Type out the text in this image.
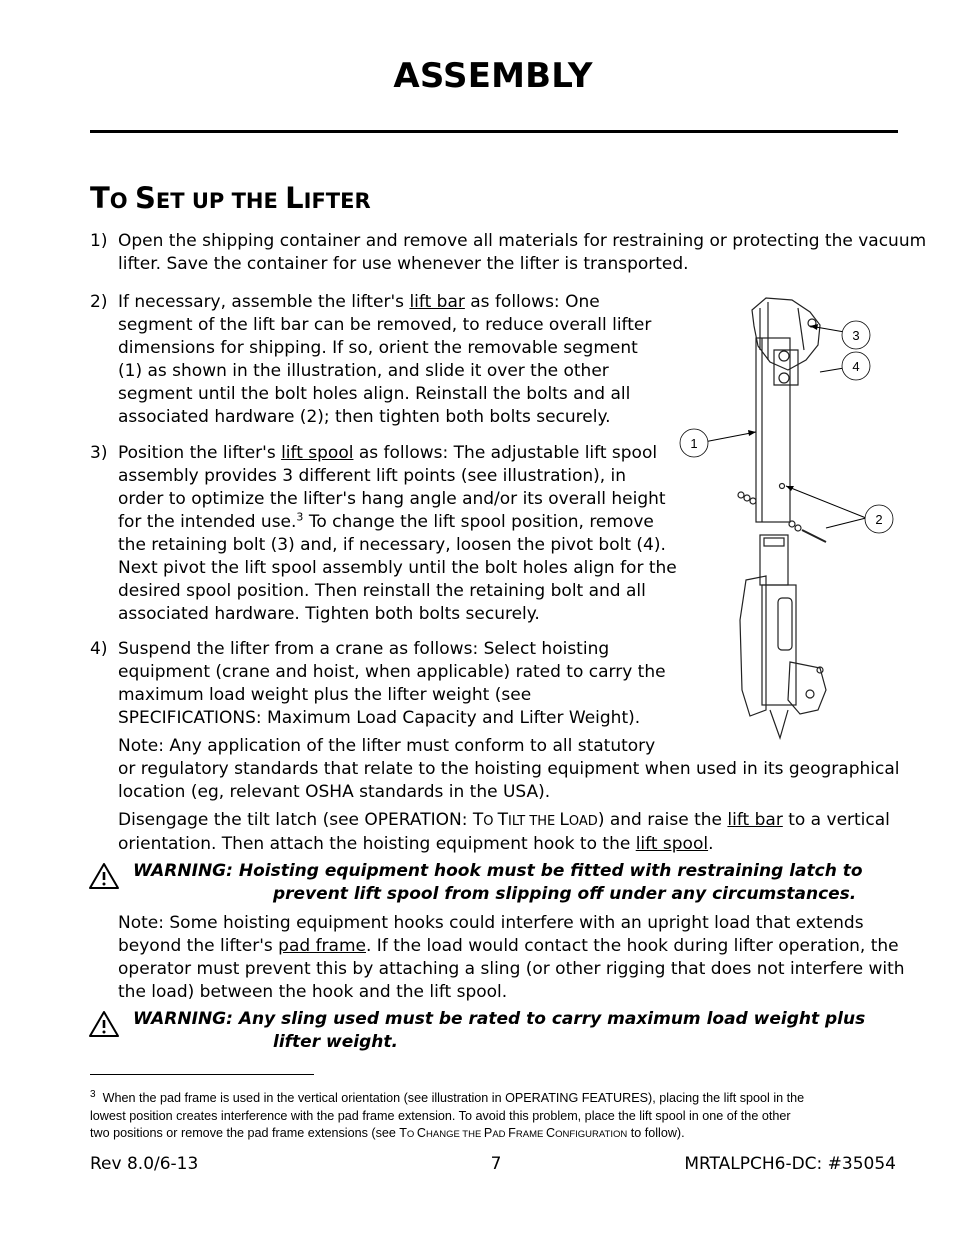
ASSEMBLY
TO SET UP THE LIFTER
1) Open the shipping container and remove all materials for restraining or protecting the vacuum
lifter. Save the container for use whenever the lifter is transported.
2) If necessary, assemble the lifter's lift bar as follows: One
segment of the lift bar can be removed, to reduce overall lifter
dimensions for shipping. If so, orient the removable segment
(1) as shown in the illustration, and slide it over the other
segment until the bolt holes align. Reinstall the bolts and all
associated hardware (2); then tighten both bolts securely.
3) Position the lifter's lift spool as follows: The adjustable lift spool
assembly provides 3 different lift points (see illustration), in
order to optimize the lifter's hang angle and/or its overall height
for the intended use.$^3$ To change the lift spool position, remove
the retaining bolt (3) and, if necessary, loosen the pivot bolt (4).
Next pivot the lift spool assembly until the bolt holes align for the
desired spool position. Then reinstall the retaining bolt and all
associated hardware. Tighten both bolts securely.
4) Suspend the lifter from a crane as follows: Select hoisting
equipment (crane and hoist, when applicable) rated to carry the
maximum load weight plus the lifter weight (see
SPECIFICATIONS: Maximum Load Capacity and Lifter Weight).
Note: Any application of the lifter must conform to all statutory
or regulatory standards that relate to the hoisting equipment when used in its geographical
location (eg, relevant OSHA standards in the USA).
Disengage the tilt latch (see OPERATION: TO TILT THE LOAD) and raise the lift bar to a vertical
orientation. Then attach the hoisting equipment hook to the lift spool.
WARNING: Hoisting equipment hook must be fitted with restraining latch to
prevent lift spool from slipping off under any circumstances.
Note: Some hoisting equipment hooks could interfere with an upright load that extends
beyond the lifter's pad frame. If the load would contact the hook during lifter operation, the
operator must prevent this by attaching a sling (or other rigging that does not interfere with
the load) between the hook and the lift spool.
WARNING: Any sling used must be rated to carry maximum load weight plus
lifter weight.
1
2
3
4
$^3$ When the pad frame is used in the vertical orientation (see illustration in OPERATING FEATURES), placing the lift spool in the
lowest position creates interference with the pad frame extension. To avoid this problem, place the lift spool in one of the other
two positions or remove the pad frame extensions (see TO CHANGE THE PAD FRAME CONFIGURATION to follow).
Rev 8.0/6-13	7	MRTALPCH6-DC: #35054
